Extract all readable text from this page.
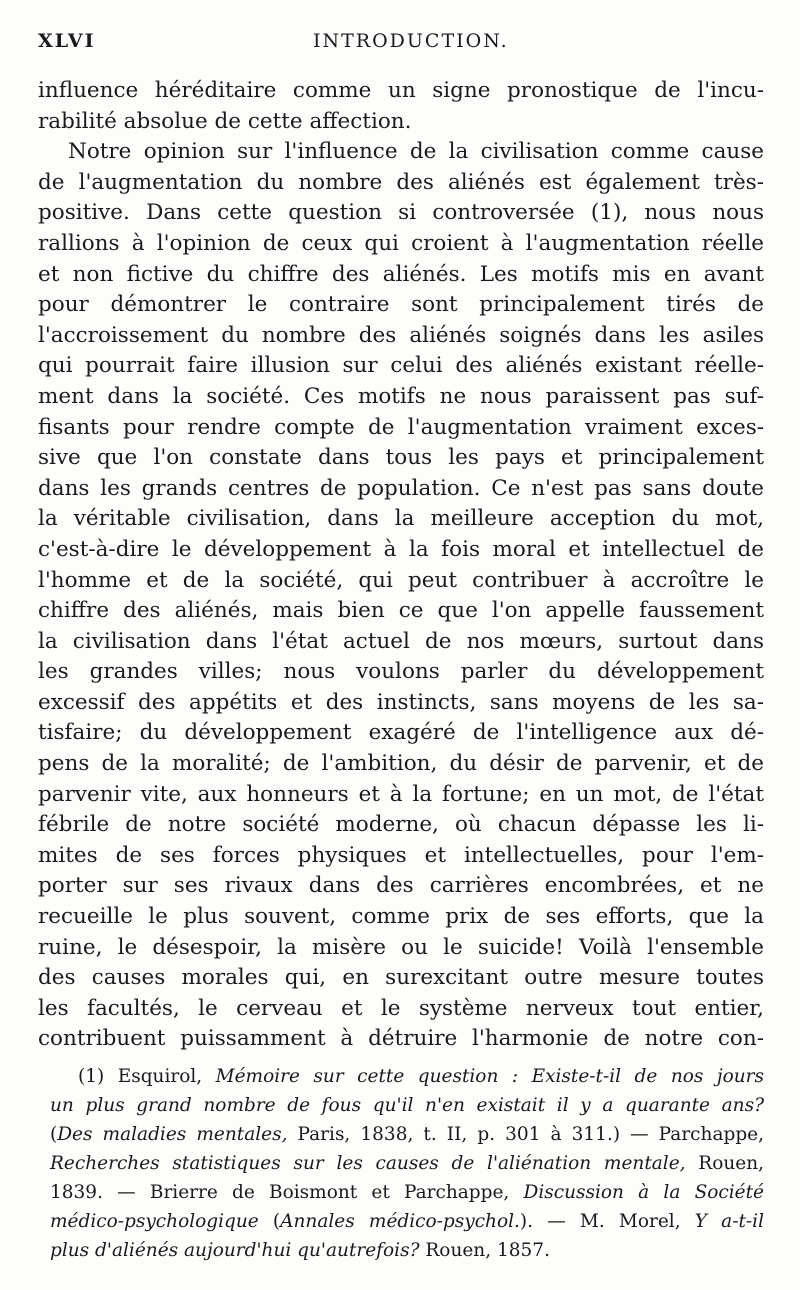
XLVI	INTRODUCTION.
influence héréditaire comme un signe pronostique de l'incu-
rabilité absolue de cette affection.
Notre opinion sur l'influence de la civilisation comme cause
de l'augmentation du nombre des aliénés est également très-
positive. Dans cette question si controversée (1), nous nous
rallions à l'opinion de ceux qui croient à l'augmentation réelle
et non fictive du chiffre des aliénés. Les motifs mis en avant
pour démontrer le contraire sont principalement tirés de
l'accroissement du nombre des aliénés soignés dans les asiles
qui pourrait faire illusion sur celui des aliénés existant réelle-
ment dans la société. Ces motifs ne nous paraissent pas suf-
fisants pour rendre compte de l'augmentation vraiment exces-
sive que l'on constate dans tous les pays et principalement
dans les grands centres de population. Ce n'est pas sans doute
la véritable civilisation, dans la meilleure acception du mot,
c'est-à-dire le développement à la fois moral et intellectuel de
l'homme et de la société, qui peut contribuer à accroître le
chiffre des aliénés, mais bien ce que l'on appelle faussement
la civilisation dans l'état actuel de nos mœurs, surtout dans
les grandes villes; nous voulons parler du développement
excessif des appétits et des instincts, sans moyens de les sa-
tisfaire; du développement exagéré de l'intelligence aux dé-
pens de la moralité; de l'ambition, du désir de parvenir, et de
parvenir vite, aux honneurs et à la fortune; en un mot, de l'état
fébrile de notre société moderne, où chacun dépasse les li-
mites de ses forces physiques et intellectuelles, pour l'em-
porter sur ses rivaux dans des carrières encombrées, et ne
recueille le plus souvent, comme prix de ses efforts, que la
ruine, le désespoir, la misère ou le suicide! Voilà l'ensemble
des causes morales qui, en surexcitant outre mesure toutes
les facultés, le cerveau et le système nerveux tout entier,
contribuent puissamment à détruire l'harmonie de notre con-
(1) Esquirol, Mémoire sur cette question : Existe-t-il de nos jours
un plus grand nombre de fous qu'il n'en existait il y a quarante ans?
(Des maladies mentales, Paris, 1838, t. II, p. 301 à 311.) — Parchappe,
Recherches statistiques sur les causes de l'aliénation mentale, Rouen,
1839. — Brierre de Boismont et Parchappe, Discussion à la Société
médico-psychologique (Annales médico-psychol.). — M. Morel, Y a-t-il
plus d'aliénés aujourd'hui qu'autrefois? Rouen, 1857.
